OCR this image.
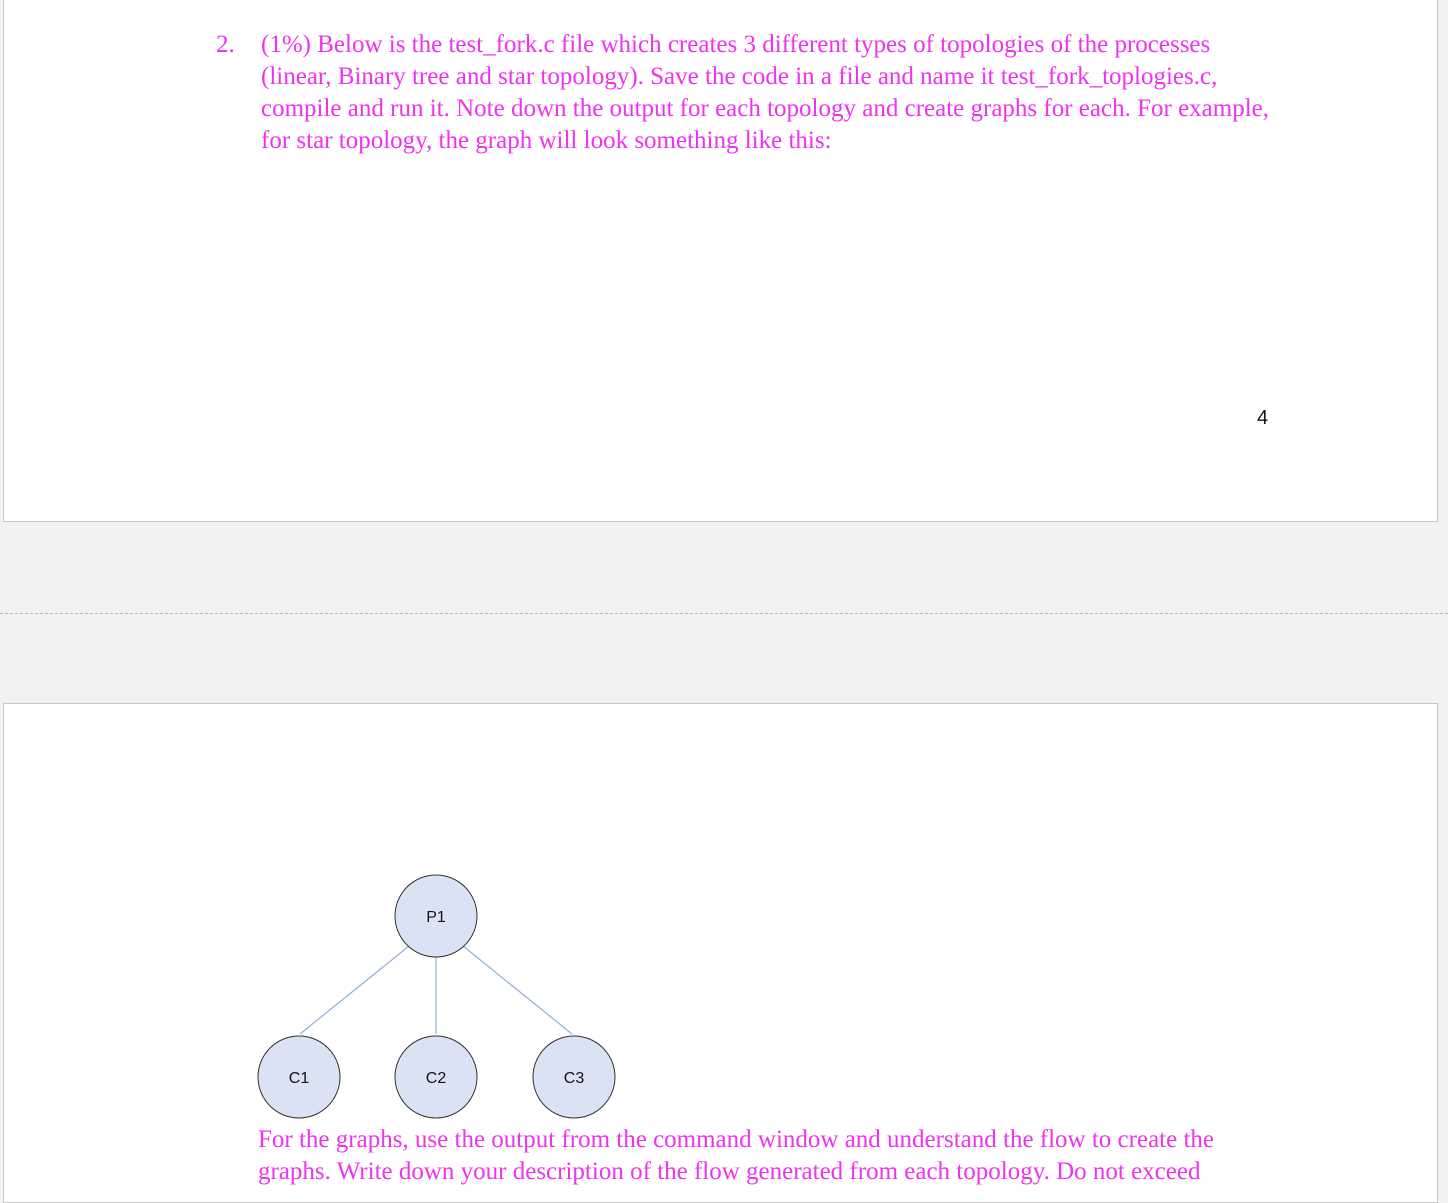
2.	(1%) Below is the test_fork.c file which creates 3 different types of topologies of the processes (linear, Binary tree and star topology). Save the code in a file and name it test_fork_toplogies.c, compile and run it. Note down the output for each topology and create graphs for each. For example, for star topology, the graph will look something like this:
4
P1
C1	C2	C3
For the graphs, use the output from the command window and understand the flow to create the graphs. Write down your description of the flow generated from each topology. Do not exceed
